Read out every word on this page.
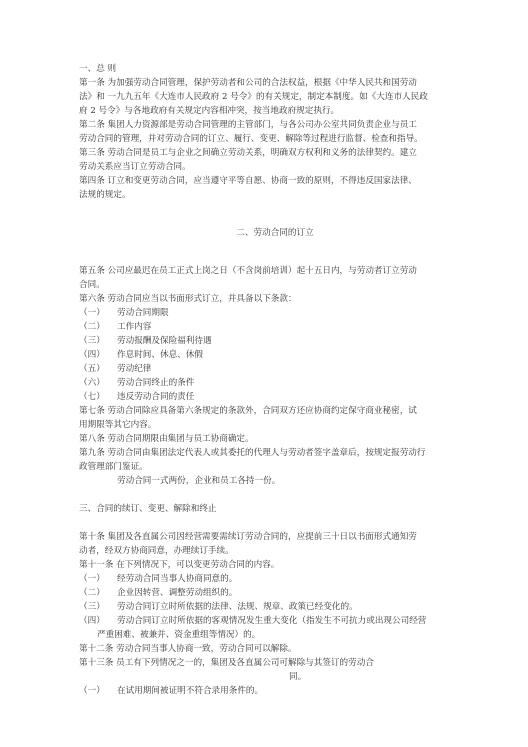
一、总 则
第一条 为加强劳动合同管理，保护劳动者和公司的合法权益，根据《中华人民共和国劳动
法》和 一九九五年《大连市人民政府 2 号令》的有关规定，制定本制度。如《大连市人民政
府 2 号令》与各地政府有关规定内容相冲突，按当地政府规定执行。
第二条 集团人力资源部是劳动合同管理的主管部门，与各公司办公室共同负责企业与员工
劳动合同的管理，并对劳动合同的订立、履行、变更、解除等过程进行监督、检查和指导。
第三条 劳动合同是员工与企业之间确立劳动关系，明确双方权利和义务的法律契约。建立
劳动关系应当订立劳动合同。
第四条 订立和变更劳动合同，应当遵守平等自愿、协商一致的原则，不得违反国家法律、
法规的规定。
二、劳动合同的订立
第五条 公司应最迟在员工正式上岗之日（不含岗前培训）起十五日内，与劳动者订立劳动
合同。
第六条 劳动合同应当以书面形式订立，并具备以下条款：
（一）	劳动合同期限
（二）	工作内容
（三）	劳动报酬及保险福利待遇
（四）	作息时间、休息、休假
（五）	劳动纪律
（六）	劳动合同终止的条件
（七）	违反劳动合同的责任
第七条 劳动合同除应具备第六条规定的条款外，合同双方还应协商约定保守商业秘密，试
用期限等其它内容。
第八条 劳动合同期限由集团与员工协商确定。
第九条 劳动合同由集团法定代表人或其委托的代理人与劳动者签字盖章后，按规定报劳动行
政管理部门鉴证。
劳动合同一式两份，企业和员工各持一份。
三、合同的续订、变更、解除和终止
第十条 集团及各直属公司因经营需要需续订劳动合同的，应提前三十日以书面形式通知劳
动者，经双方协商同意，办理续订手续。
第十一条 在下列情况下，可以变更劳动合同的内容。
（一）	经劳动合同当事人协商同意的。
（二）	企业因转营、调整劳动组织的。
（三）	劳动合同订立时所依据的法律、法规、规章、政策已经变化的。
（四）	劳动合同订立时所依据的客观情况发生重大变化（指发生不可抗力或出现公司经营
严重困难、被兼并、资金重组等情况）的。
第十二条 劳动合同当事人协商一致，劳动合同可以解除。
第十三条 员工有下列情况之一的，集团及各直属公司可解除与其签订的劳动合
同。
（一）	在试用期间被证明不符合录用条件的。
